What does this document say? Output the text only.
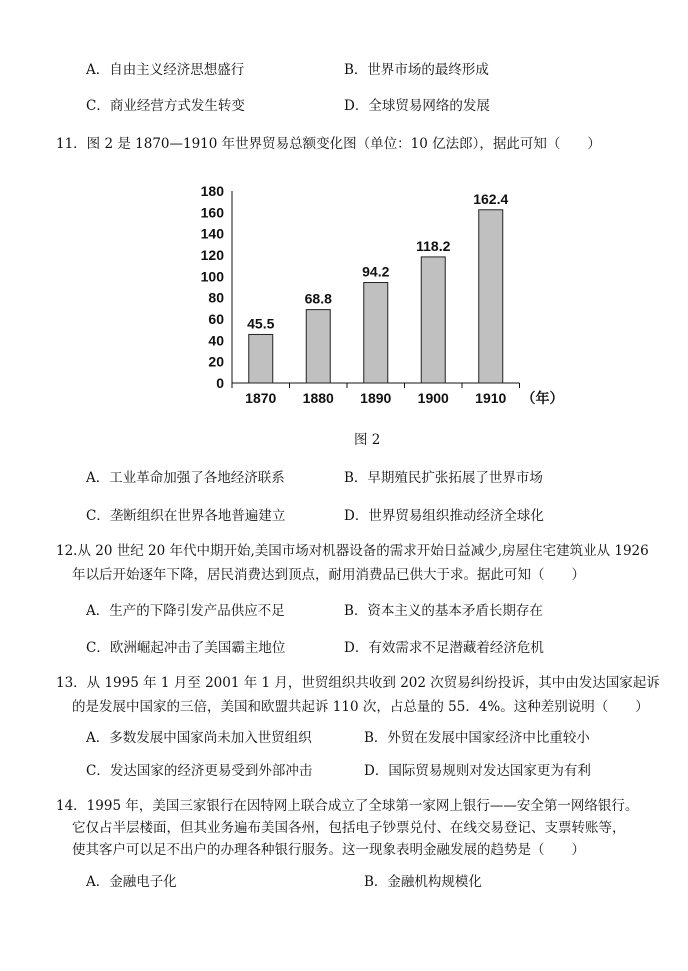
A．自由主义经济思想盛行	B．世界市场的最终形成
C．商业经营方式发生转变	D．全球贸易网络的发展
11．图 2 是 1870—1910 年世界贸易总额变化图（单位：10 亿法郎），据此可知（　　）
0
20
40
60
80
100
120
140
160
180
45.5
1870
68.8
1880
94.2
1890
118.2
1900
162.4
1910 （年）
图 2
A．工业革命加强了各地经济联系	B．早期殖民扩张拓展了世界市场
C．垄断组织在世界各地普遍建立	D．世界贸易组织推动经济全球化
12.从 20 世纪 20 年代中期开始,美国市场对机器设备的需求开始日益减少,房屋住宅建筑业从 1926
年以后开始逐年下降，居民消费达到顶点，耐用消费品已供大于求。据此可知（　　）
A．生产的下降引发产品供应不足	B．资本主义的基本矛盾长期存在
C．欧洲崛起冲击了美国霸主地位	D．有效需求不足潜藏着经济危机
13．从 1995 年 1 月至 2001 年 1 月，世贸组织共收到 202 次贸易纠纷投诉，其中由发达国家起诉
的是发展中国家的三倍，美国和欧盟共起诉 110 次，占总量的 55．4%。这种差别说明（　　）
A．多数发展中国家尚未加入世贸组织	B．外贸在发展中国家经济中比重较小
C．发达国家的经济更易受到外部冲击	D．国际贸易规则对发达国家更为有利
14．1995 年，美国三家银行在因特网上联合成立了全球第一家网上银行——安全第一网络银行。
它仅占半层楼面，但其业务遍布美国各州，包括电子钞票兑付、在线交易登记、支票转账等，
使其客户可以足不出户的办理各种银行服务。这一现象表明金融发展的趋势是（　　）
A．金融电子化	B．金融机构规模化
